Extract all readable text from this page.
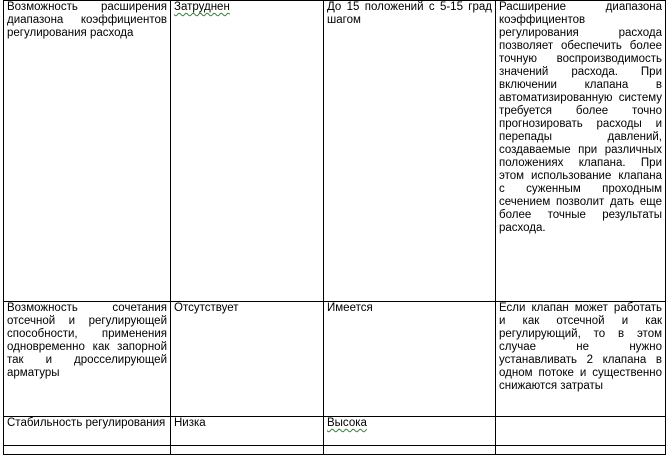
Возможность расширения диапазона коэффициентов регулирования расхода	Затруднен	До 15 положений с 5-15 град шагом	Расширение диапазона коэффициентов регулирования расхода позволяет обеспечить более точную воспроизводимость значений расхода. При включении клапана в автоматизированную систему требуется более точно прогнозировать расходы и перепады давлений, создаваемые при различных положениях клапана. При этом использование клапана с суженным проходным сечением позволит дать еще более точные результаты расхода.

Возможность сочетания отсечной и регулирующей способности, применения одновременно как запорной так и дросселирующей арматуры	Отсутствует	Имеется	Если клапан может работать и как отсечной и как регулирующий, то в этом случае не нужно устанавливать 2 клапана в одном потоке и существенно снижаются затраты

Стабильность регулирования	Низка	Высока	
